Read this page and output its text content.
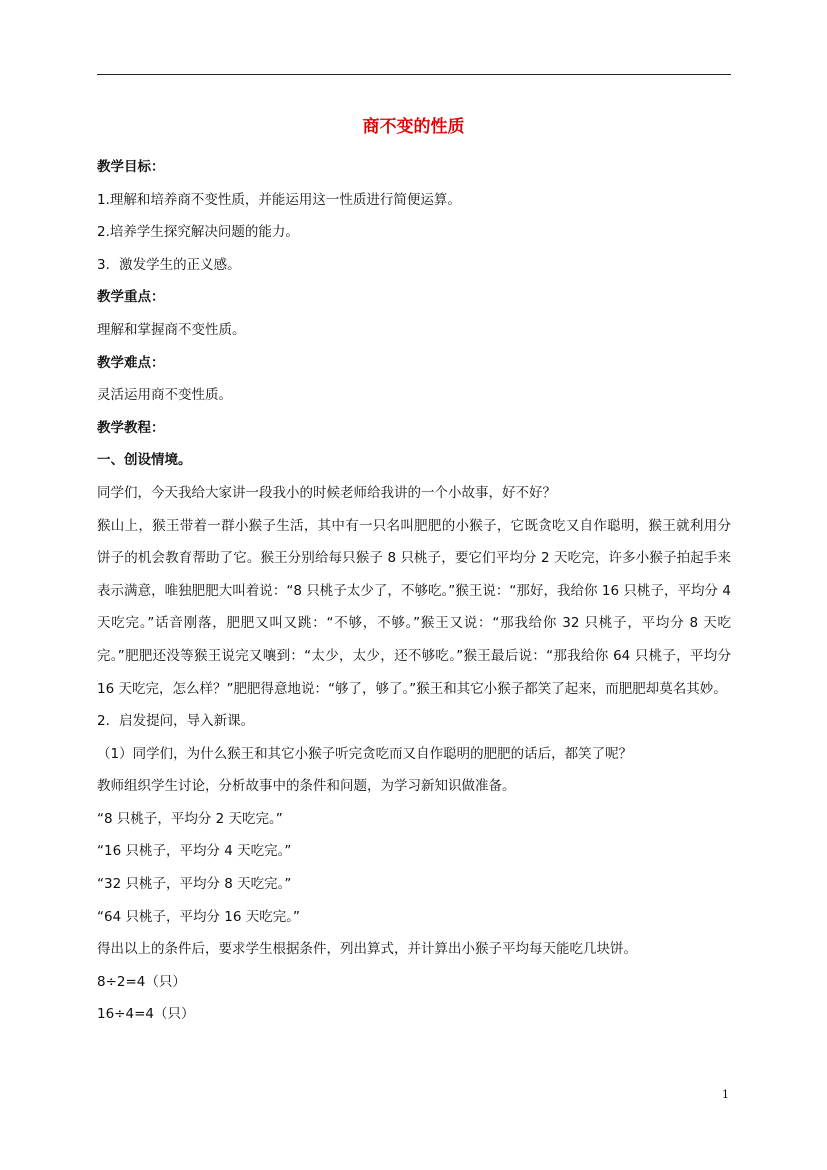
商不变的性质
教学目标：
1.理解和培养商不变性质，并能运用这一性质进行简便运算。
2.培养学生探究解决问题的能力。
3．激发学生的正义感。
教学重点：
理解和掌握商不变性质。
教学难点：
灵活运用商不变性质。
教学教程：
一、创设情境。
同学们，今天我给大家讲一段我小的时候老师给我讲的一个小故事，好不好？
猴山上，猴王带着一群小猴子生活，其中有一只名叫肥肥的小猴子，它既贪吃又自作聪明，猴王就利用分饼子的机会教育帮助了它。猴王分别给每只猴子 8 只桃子，要它们平均分 2 天吃完，许多小猴子拍起手来表示满意，唯独肥肥大叫着说：“8 只桃子太少了，不够吃。”猴王说：“那好，我给你 16 只桃子，平均分 4 天吃完。”话音刚落，肥肥又叫又跳：“不够，不够。”猴王又说：“那我给你 32 只桃子，平均分 8 天吃完。”肥肥还没等猴王说完又嚷到：“太少，太少，还不够吃。”猴王最后说：“那我给你 64 只桃子，平均分 16 天吃完，怎么样？”肥肥得意地说：“够了，够了。”猴王和其它小猴子都笑了起来，而肥肥却莫名其妙。
2．启发提问，导入新课。
（1）同学们，为什么猴王和其它小猴子听完贪吃而又自作聪明的肥肥的话后，都笑了呢？
教师组织学生讨论，分析故事中的条件和问题，为学习新知识做准备。
“8 只桃子，平均分 2 天吃完。”
“16 只桃子，平均分 4 天吃完。”
“32 只桃子，平均分 8 天吃完。”
“64 只桃子，平均分 16 天吃完。”
得出以上的条件后，要求学生根据条件，列出算式，并计算出小猴子平均每天能吃几块饼。
8÷2=4（只）
16÷4=4（只）
1
